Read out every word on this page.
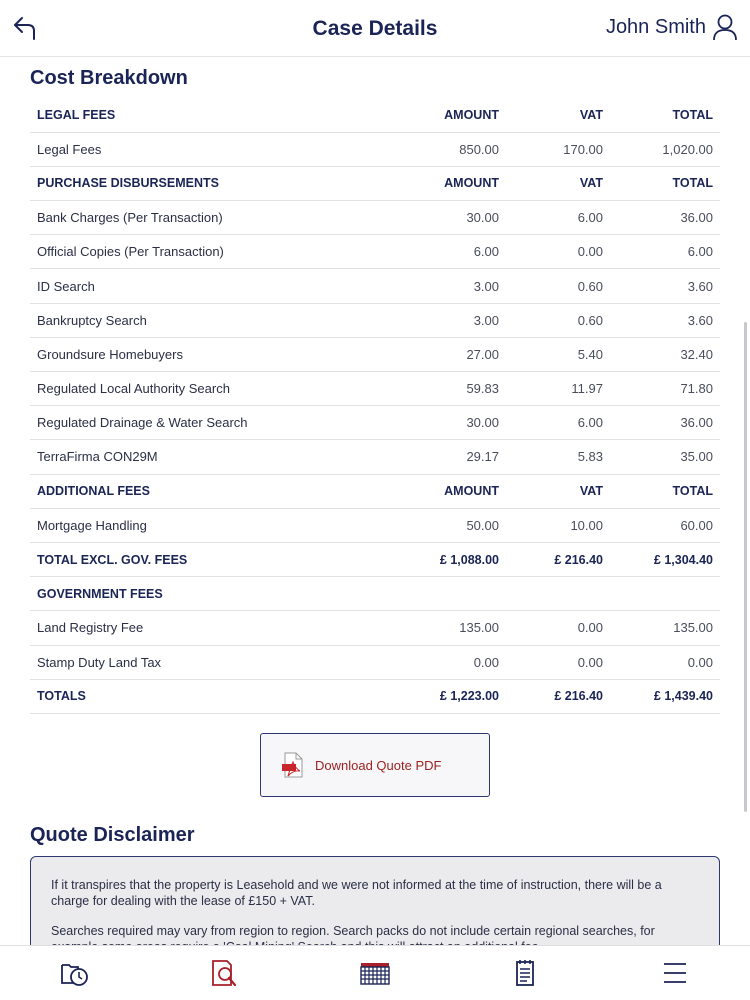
Case Details	John Smith
Cost Breakdown
LEGAL FEES	AMOUNT	VAT	TOTAL
Legal Fees	850.00	170.00	1,020.00
PURCHASE DISBURSEMENTS	AMOUNT	VAT	TOTAL
Bank Charges (Per Transaction)	30.00	6.00	36.00
Official Copies (Per Transaction)	6.00	0.00	6.00
ID Search	3.00	0.60	3.60
Bankruptcy Search	3.00	0.60	3.60
Groundsure Homebuyers	27.00	5.40	32.40
Regulated Local Authority Search	59.83	11.97	71.80
Regulated Drainage & Water Search	30.00	6.00	36.00
TerraFirma CON29M	29.17	5.83	35.00
ADDITIONAL FEES	AMOUNT	VAT	TOTAL
Mortgage Handling	50.00	10.00	60.00
TOTAL EXCL. GOV. FEES	£ 1,088.00	£ 216.40	£ 1,304.40
GOVERNMENT FEES			
Land Registry Fee	135.00	0.00	135.00
Stamp Duty Land Tax	0.00	0.00	0.00
TOTALS	£ 1,223.00	£ 216.40	£ 1,439.40
Download Quote PDF
Quote Disclaimer

If it transpires that the property is Leasehold and we were not informed at the time of instruction, there will be a charge for dealing with the lease of £150 + VAT.

Searches required may vary from region to region. Search packs do not include certain regional searches, for
